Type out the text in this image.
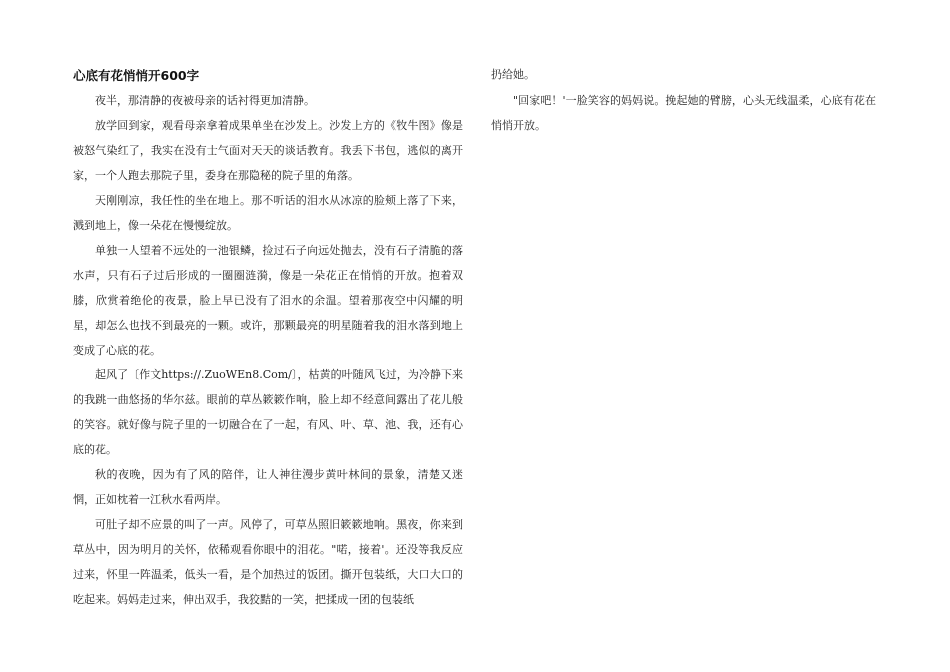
心底有花悄悄开600字

夜半，那清静的夜被母亲的话衬得更加清静。

放学回到家，观看母亲拿着成果单坐在沙发上。沙发上方的《牧牛图》像是被怒气染红了，我实在没有士气面对天天的谈话教育。我丢下书包，逃似的离开家，一个人跑去那院子里，委身在那隐秘的院子里的角落。

天刚刚凉，我任性的坐在地上。那不听话的泪水从冰凉的脸颊上落了下来，溅到地上，像一朵花在慢慢绽放。

单独一人望着不远处的一池银鳞，捡过石子向远处抛去，没有石子清脆的落水声，只有石子过后形成的一圈圈涟漪，像是一朵花正在悄悄的开放。抱着双膝，欣赏着绝伦的夜景，脸上早已没有了泪水的余温。望着那夜空中闪耀的明星，却怎么也找不到最亮的一颗。或许，那颗最亮的明星随着我的泪水落到地上变成了心底的花。

起风了〔作文https://.ZuoWEn8.Com/〕，枯黄的叶随风飞过，为冷静下来的我跳一曲悠扬的华尔兹。眼前的草丛簌簌作响，脸上却不经意间露出了花儿般的笑容。就好像与院子里的一切融合在了一起，有风、叶、草、池、我，还有心底的花。

秋的夜晚，因为有了风的陪伴，让人神往漫步黄叶林间的景象，清楚又迷惘，正如枕着一江秋水看两岸。

可肚子却不应景的叫了一声。风停了，可草丛照旧簌簌地响。黑夜，你来到草丛中，因为明月的关怀，依稀观看你眼中的泪花。"喏，接着'。还没等我反应过来，怀里一阵温柔，低头一看，是个加热过的饭团。撕开包装纸，大口大口的吃起来。妈妈走过来，伸出双手，我狡黠的一笑，把揉成一团的包装纸

扔给她。

"回家吧！'一脸笑容的妈妈说。挽起她的臂膀，心头无线温柔，心底有花在悄悄开放。
